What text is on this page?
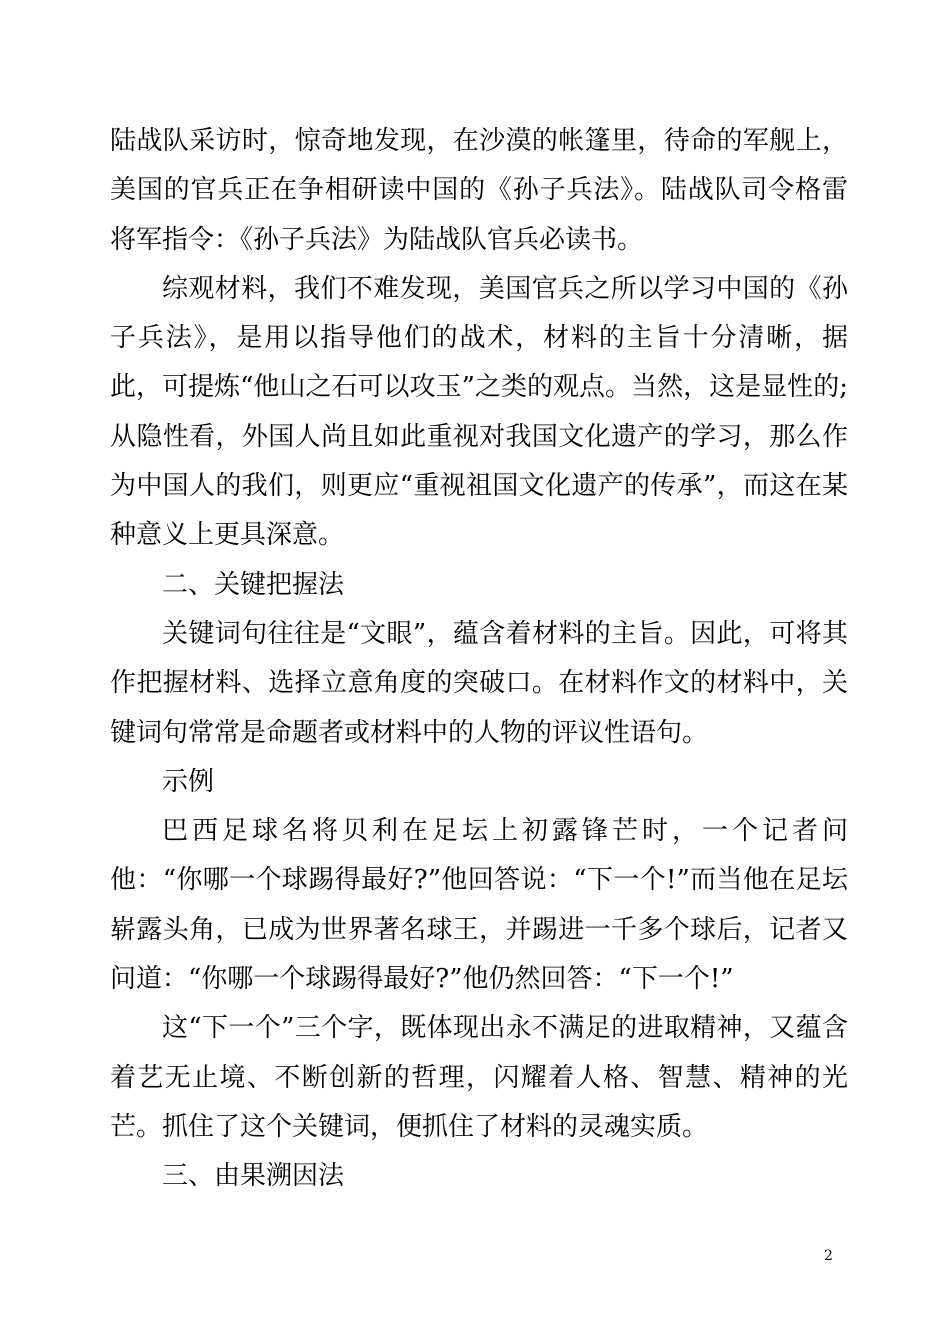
陆战队采访时，惊奇地发现，在沙漠的帐篷里，待命的军舰上，美国的官兵正在争相研读中国的《孙子兵法》。陆战队司令格雷将军指令：《孙子兵法》为陆战队官兵必读书。

综观材料，我们不难发现，美国官兵之所以学习中国的《孙子兵法》，是用以指导他们的战术，材料的主旨十分清晰，据此，可提炼“他山之石可以攻玉”之类的观点。当然，这是显性的;从隐性看，外国人尚且如此重视对我国文化遗产的学习，那么作为中国人的我们，则更应“重视祖国文化遗产的传承”，而这在某种意义上更具深意。

二、关键把握法

关键词句往往是“文眼”，蕴含着材料的主旨。因此，可将其作把握材料、选择立意角度的突破口。在材料作文的材料中，关键词句常常是命题者或材料中的人物的评议性语句。

示例

巴西足球名将贝利在足坛上初露锋芒时，一个记者问他：“你哪一个球踢得最好?”他回答说：“下一个!”而当他在足坛崭露头角，已成为世界著名球王，并踢进一千多个球后，记者又问道：“你哪一个球踢得最好?”他仍然回答：“下一个!”

这“下一个”三个字，既体现出永不满足的进取精神，又蕴含着艺无止境、不断创新的哲理，闪耀着人格、智慧、精神的光芒。抓住了这个关键词，便抓住了材料的灵魂实质。

三、由果溯因法

2
